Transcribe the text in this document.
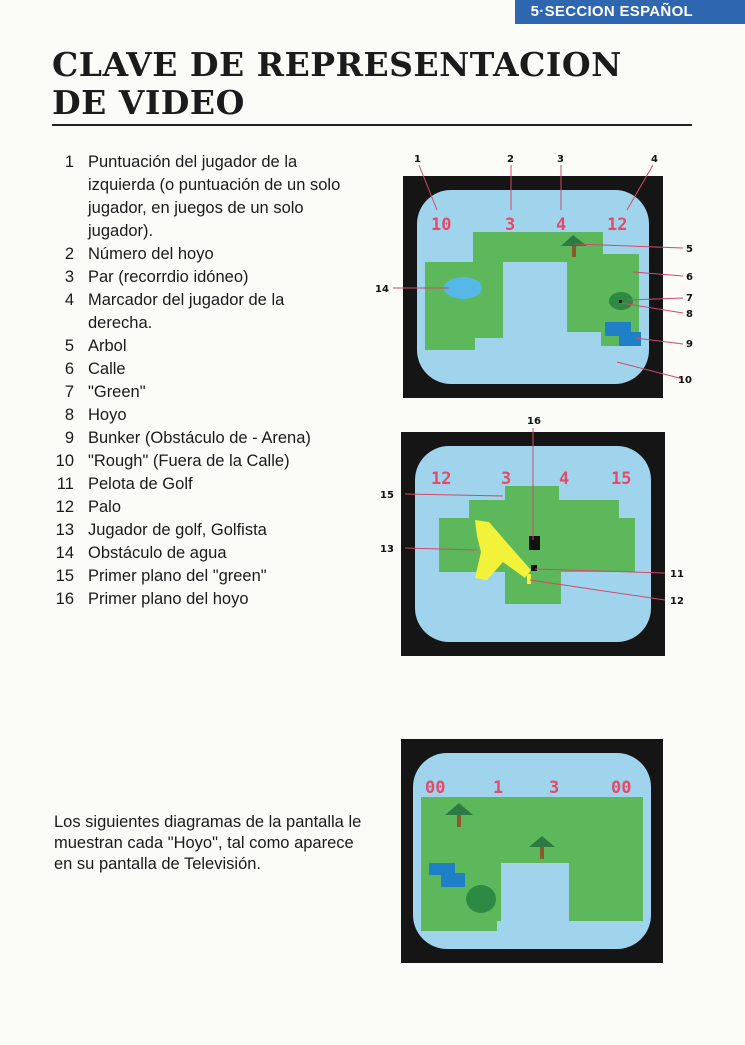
5·SECCION ESPAÑOL
CLAVE DE REPRESENTACION
DE VIDEO
1 Puntuación del jugador de la izquierda (o puntuación de un solo jugador, en juegos de un solo jugador).
2 Número del hoyo
3 Par (recorrdio idóneo)
4 Marcador del jugador de la derecha.
5 Arbol
6 Calle
7 "Green"
8 Hoyo
9 Bunker (Obstáculo de - Arena)
10 "Rough" (Fuera de la Calle)
11 Pelota de Golf
12 Palo
13 Jugador de golf, Golfista
14 Obstáculo de agua
15 Primer plano del "green"
16 Primer plano del hoyo
10	3 4 12
1	2	3	4
5
6
7
8
9
10
14
12	3	4 15
16
15
13
11
12
00	1	3	00

Los siguientes diagramas de la pantalla le muestran cada "Hoyo", tal como aparece en su pantalla de Televisión.
